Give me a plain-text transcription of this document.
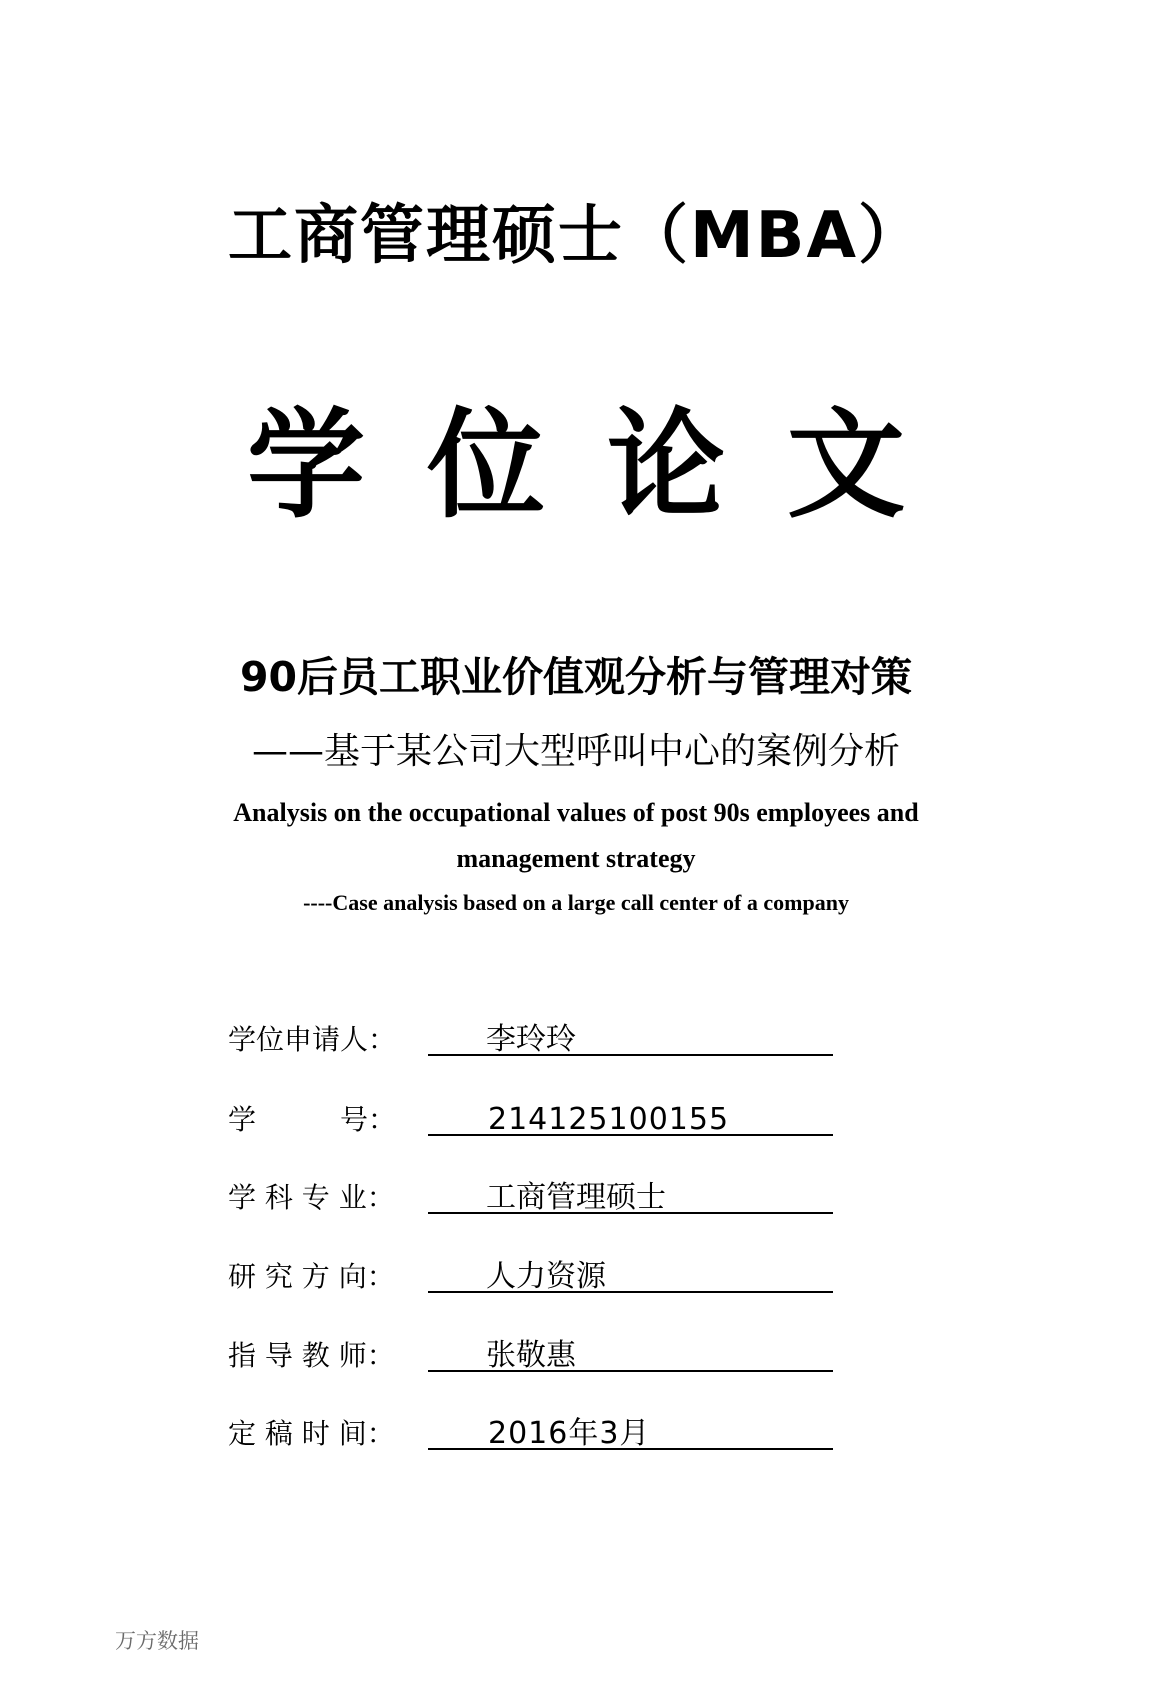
工商管理硕士（MBA）
学位论文
90后员工职业价值观分析与管理对策
——基于某公司大型呼叫中心的案例分析
Analysis on the occupational values of post 90s employees and management strategy
----Case analysis based on a large call center of a company
学位申请人：	李玲玲
学　　　号：	214125100155
学 科 专 业：	工商管理硕士
研 究 方 向：	人力资源
指 导 教 师：	张敬惠
定 稿 时 间：	2016年3月
万方数据
